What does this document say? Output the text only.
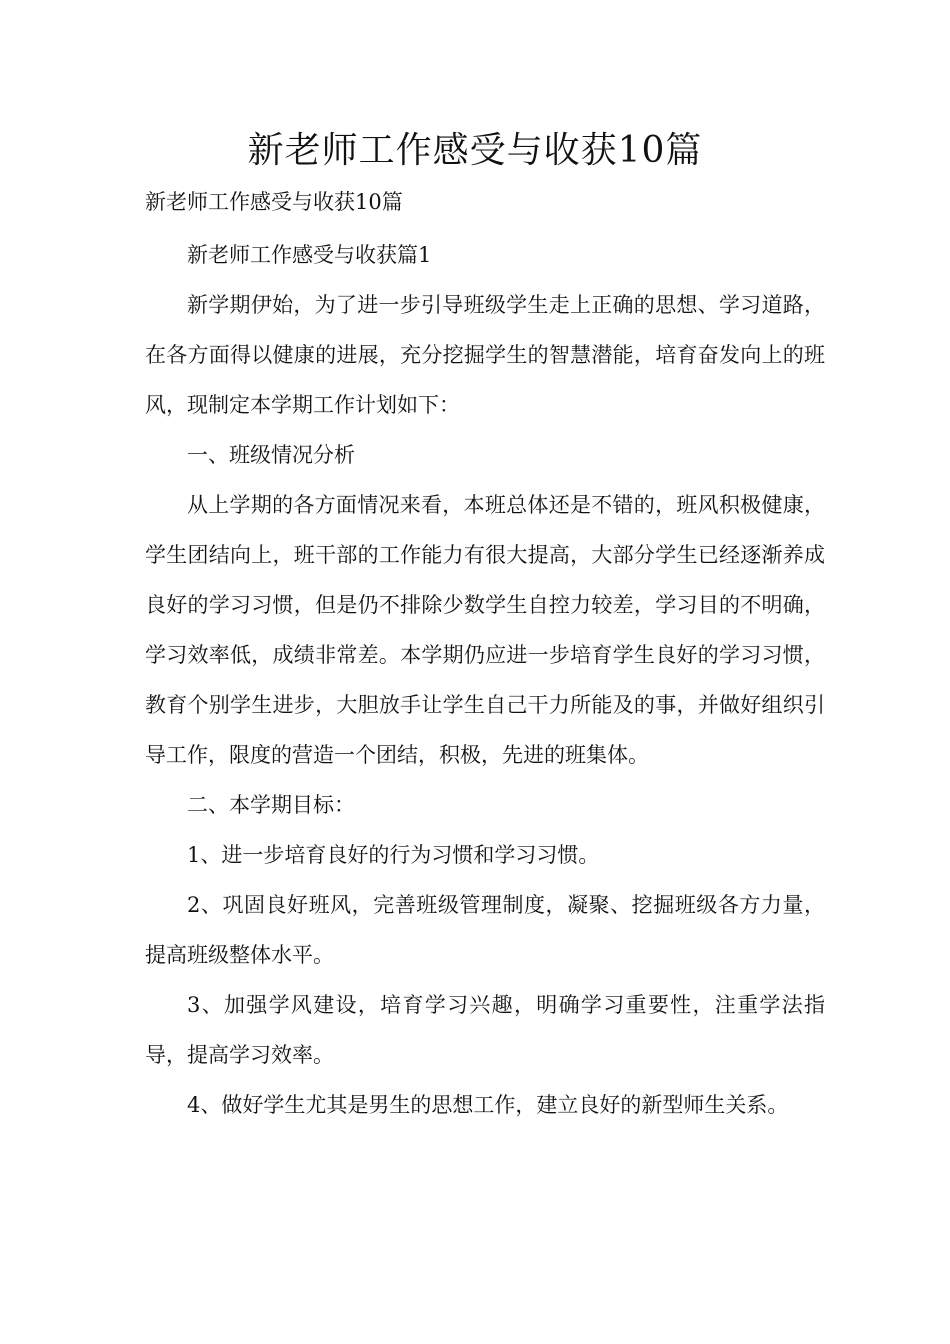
新老师工作感受与收获10篇

新老师工作感受与收获10篇

新老师工作感受与收获篇1

新学期伊始，为了进一步引导班级学生走上正确的思想、学习道路，在各方面得以健康的进展，充分挖掘学生的智慧潜能，培育奋发向上的班风，现制定本学期工作计划如下：

一、班级情况分析

从上学期的各方面情况来看，本班总体还是不错的，班风积极健康，学生团结向上，班干部的工作能力有很大提高，大部分学生已经逐渐养成良好的学习习惯，但是仍不排除少数学生自控力较差，学习目的不明确，学习效率低，成绩非常差。本学期仍应进一步培育学生良好的学习习惯，教育个别学生进步，大胆放手让学生自己干力所能及的事，并做好组织引导工作，限度的营造一个团结，积极，先进的班集体。

二、本学期目标：

1、进一步培育良好的行为习惯和学习习惯。

2、巩固良好班风，完善班级管理制度，凝聚、挖掘班级各方力量，提高班级整体水平。

3、加强学风建设，培育学习兴趣，明确学习重要性，注重学法指导，提高学习效率。

4、做好学生尤其是男生的思想工作，建立良好的新型师生关系。
